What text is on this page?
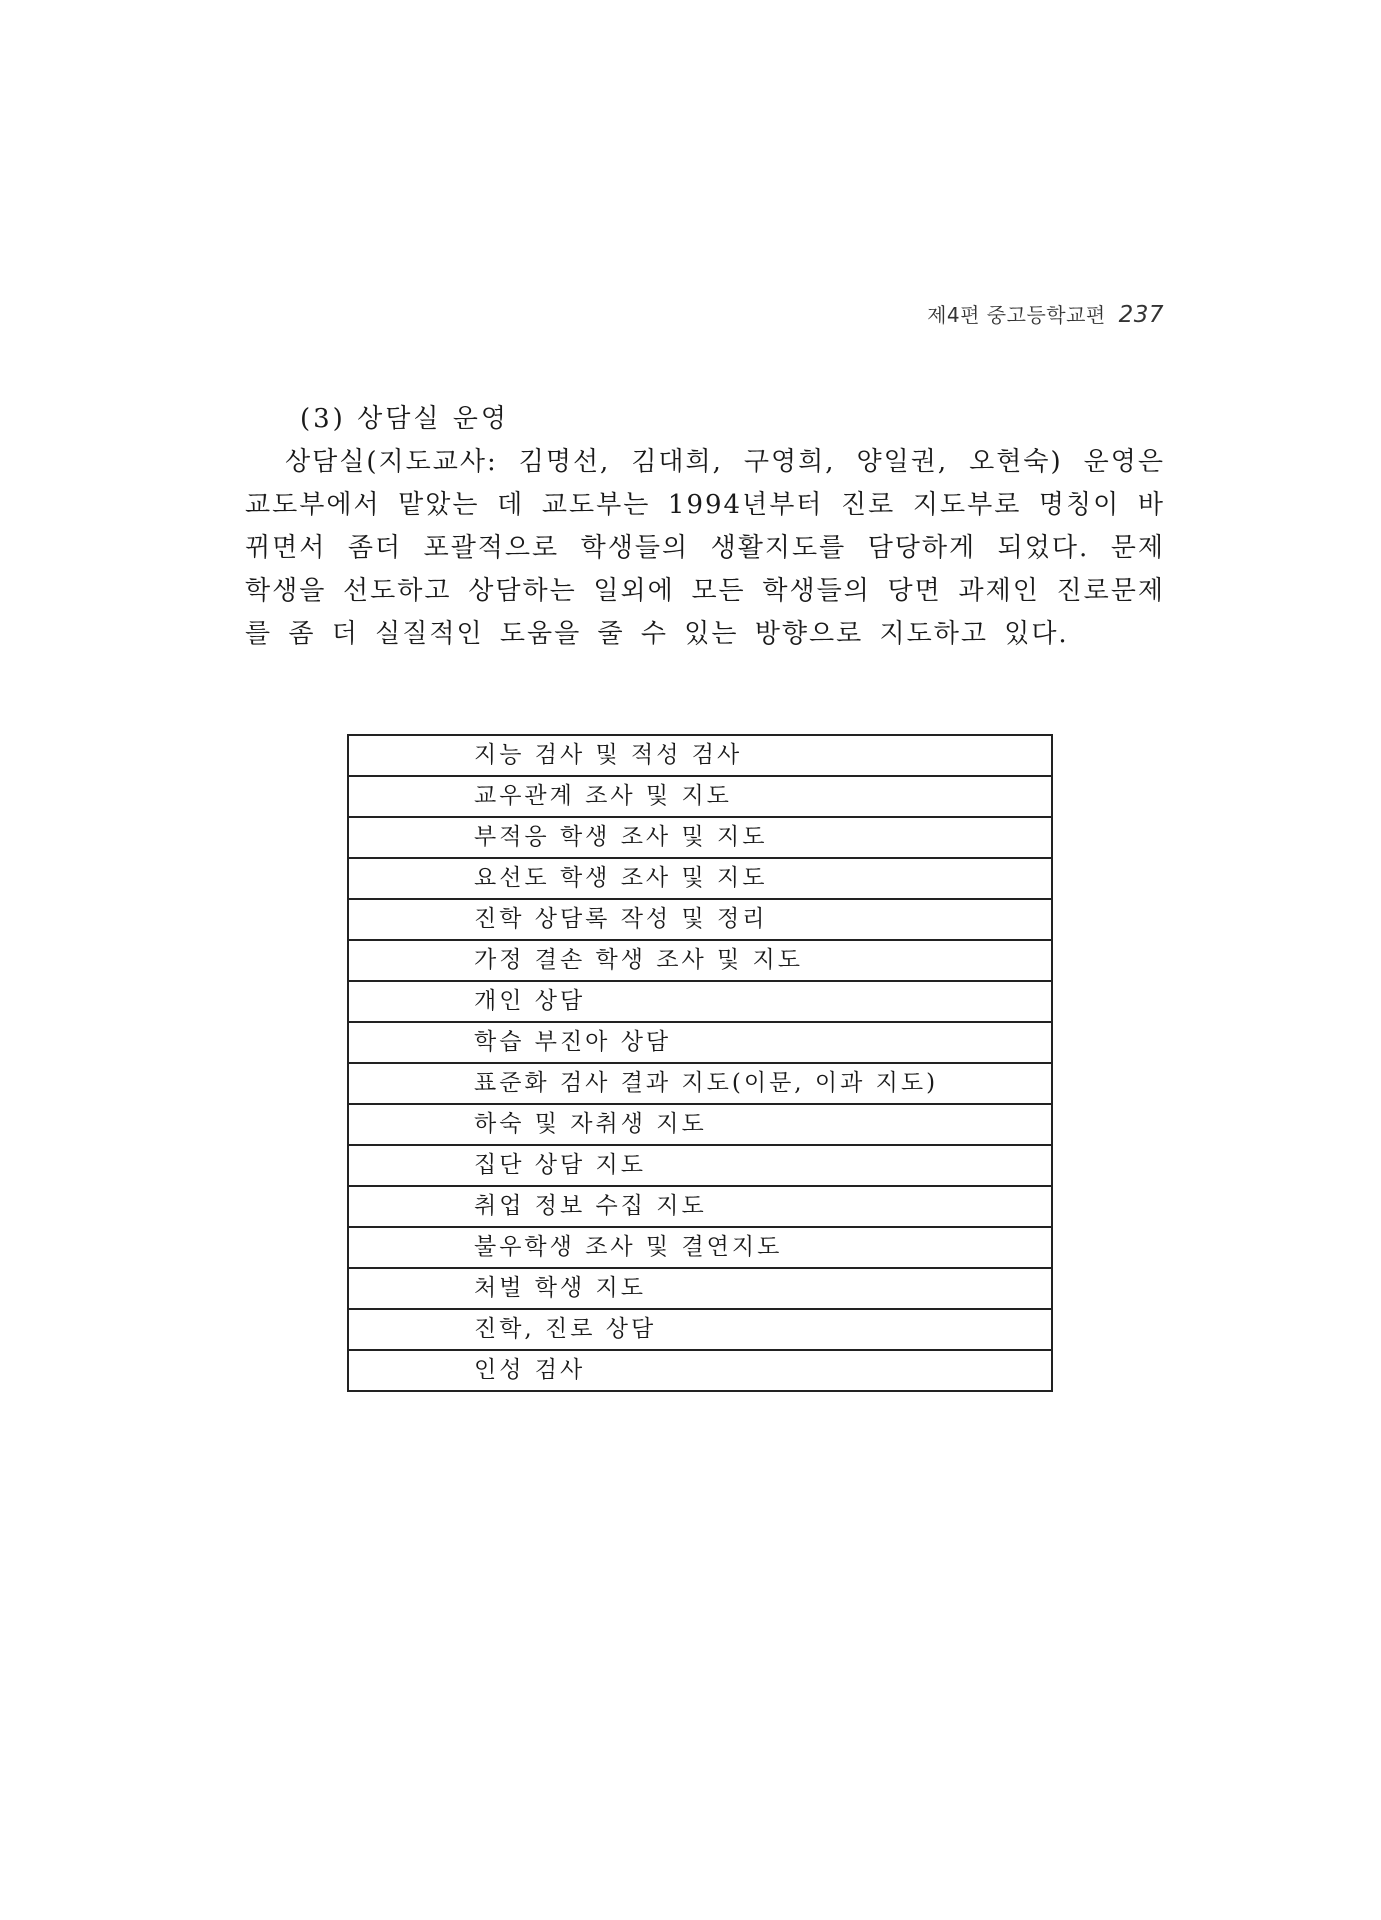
제4편 중고등학교편 237
(3) 상담실 운영

상담실(지도교사: 김명선, 김대희, 구영희, 양일권, 오현숙) 운영은 교도부에서 맡았는 데 교도부는 1994년부터 진로 지도부로 명칭이 바뀌면서 좀더 포괄적으로 학생들의 생활지도를 담당하게 되었다. 문제 학생을 선도하고 상담하는 일외에 모든 학생들의 당면 과제인 진로문제를 좀 더 실질적인 도움을 줄 수 있는 방향으로 지도하고 있다.

지능 검사 및 적성 검사
교우관계 조사 및 지도
부적응 학생 조사 및 지도
요선도 학생 조사 및 지도
진학 상담록 작성 및 정리
가정 결손 학생 조사 및 지도
개인 상담
학습 부진아 상담
표준화 검사 결과 지도(이문, 이과 지도)
하숙 및 자취생 지도
집단 상담 지도
취업 정보 수집 지도
불우학생 조사 및 결연지도
처벌 학생 지도
진학, 진로 상담
인성 검사
